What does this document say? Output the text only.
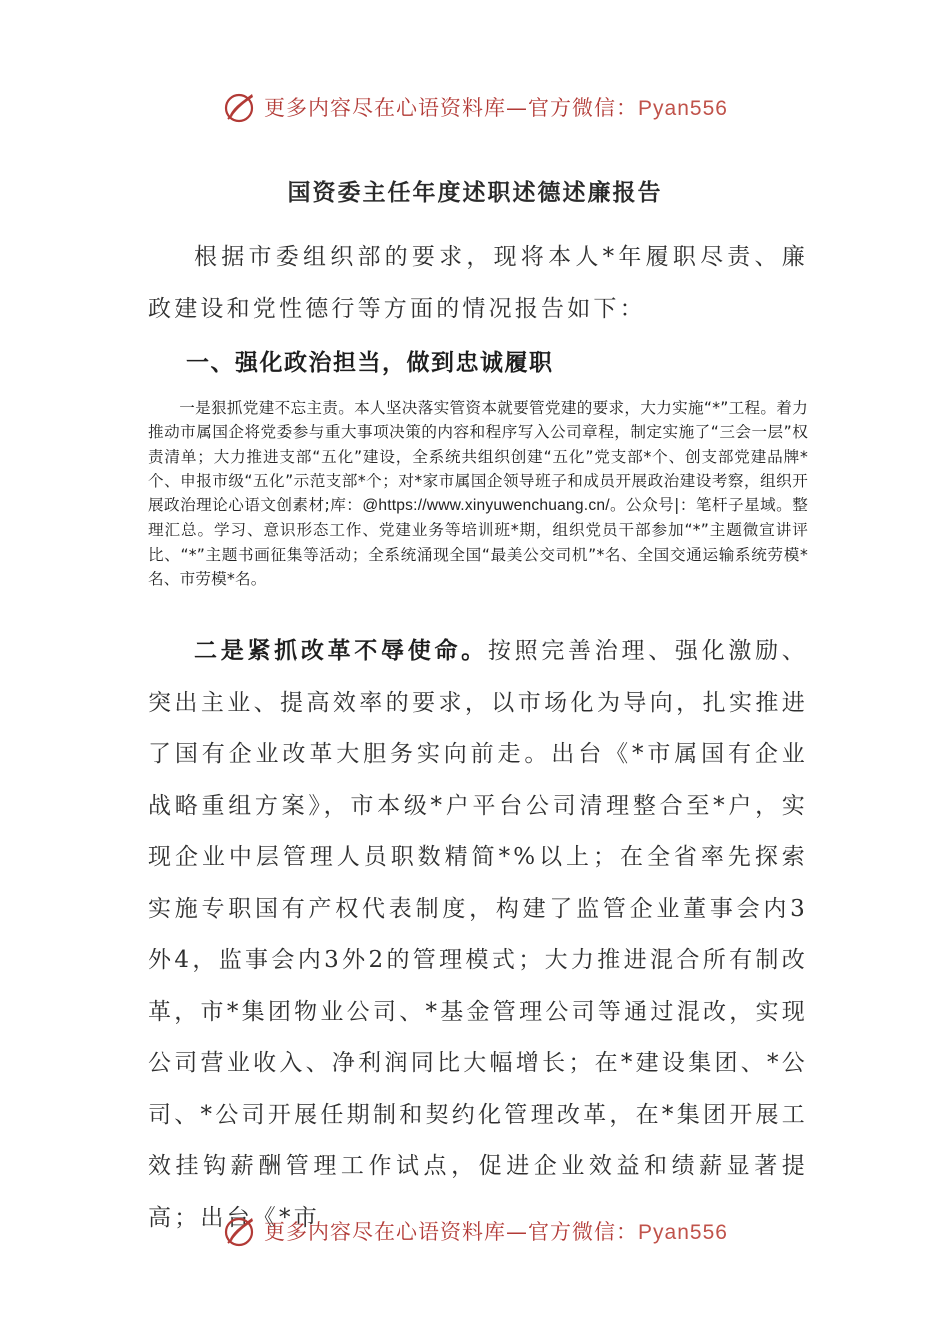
更多内容尽在心语资料库—官方微信：Pyan556
国资委主任年度述职述德述廉报告

根据市委组织部的要求，现将本人*年履职尽责、廉政建设和党性德行等方面的情况报告如下：

一、强化政治担当，做到忠诚履职

一是狠抓党建不忘主责。本人坚决落实管资本就要管党建的要求，大力实施“*”工程。着力推动市属国企将党委参与重大事项决策的内容和程序写入公司章程，制定实施了“三会一层”权责清单；大力推进支部“五化”建设，全系统共组织创建“五化”党支部*个、创支部党建品牌*个、申报市级“五化”示范支部*个；对*家市属国企领导班子和成员开展政治建设考察，组织开展政治理论心语文创素材;库：@https://www.xinyuwenchuang.cn/。公众号|：笔杆子星域。整理汇总。学习、意识形态工作、党建业务等培训班*期，组织党员干部参加“*”主题微宣讲评比、“*”主题书画征集等活动；全系统涌现全国“最美公交司机”*名、全国交通运输系统劳模*名、市劳模*名。

二是紧抓改革不辱使命。按照完善治理、强化激励、突出主业、提高效率的要求，以市场化为导向，扎实推进了国有企业改革大胆务实向前走。出台《*市属国有企业战略重组方案》，市本级*户平台公司清理整合至*户，实现企业中层管理人员职数精简*%以上；在全省率先探索实施专职国有产权代表制度，构建了监管企业董事会内3外4，监事会内3外2的管理模式；大力推进混合所有制改革，市*集团物业公司、*基金管理公司等通过混改，实现公司营业收入、净利润同比大幅增长；在*建设集团、*公司、*公司开展任期制和契约化管理改革，在*集团开展工效挂钩薪酬管理工作试点，促进企业效益和绩薪显著提高；出台《*市

更多内容尽在心语资料库—官方微信：Pyan556
